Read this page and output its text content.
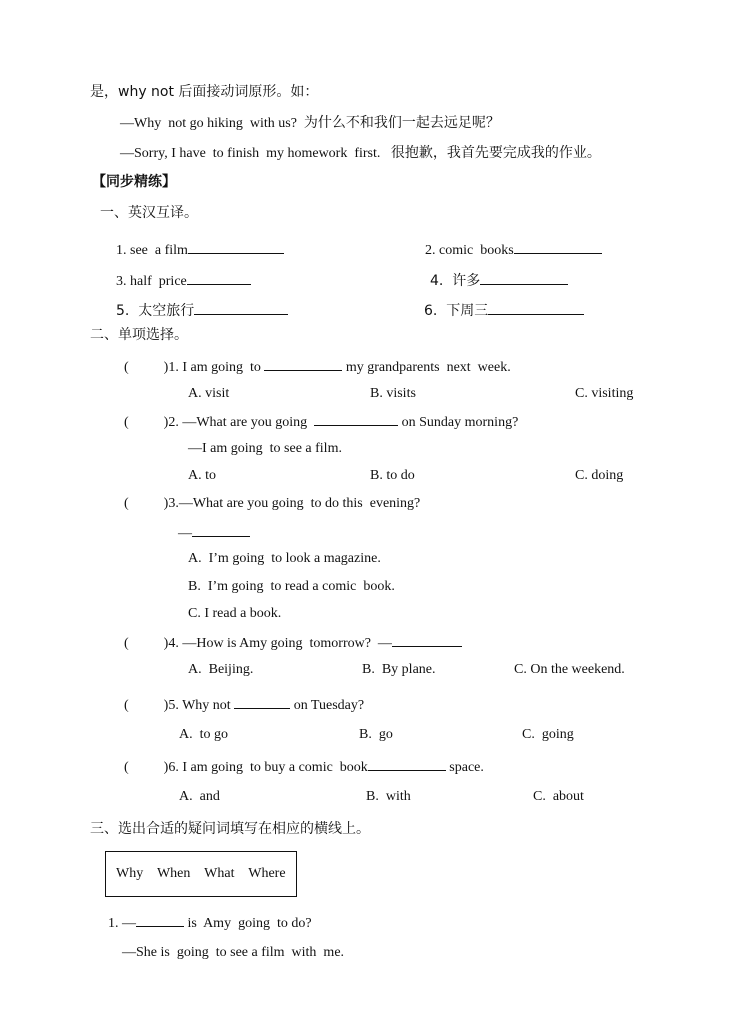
是，why not 后面接动词原形。如：
—Why  not go hiking  with us?  为什么不和我们一起去远足呢？
—Sorry, I have  to finish  my homework  first.   很抱歉，我首先要完成我的作业。
【同步精练】
一、英汉互译。
1. see  a film	2. comic  books
3. half  price	4.  许多
5.  太空旅行	6.  下周三
二、单项选择。
(          )1. I am going  to	my grandparents  next  week.
A. visit	B. visits	C. visiting
(          )2. —What are you going	on Sunday morning?
—I am going  to see a film.
A. to	B. to do	C. doing
(          )3.—What are you going  to do this  evening?
—
A.  I’m going  to look a magazine.
B.  I’m going  to read a comic  book.
C. I read a book.
(          )4. —How is Amy going  tomorrow?  —
A.  Beijing.	B.  By plane.	C. On the weekend.
(          )5. Why not	on Tuesday?
A.  to go	B.  go	C.  going
(          )6. I am going  to buy a comic  book	space.
A.  and	B.  with	C.  about
三、选出合适的疑问词填写在相应的横线上。
Why When What Where
1. —	is  Amy  going  to do?
—She is  going  to see a film  with  me.
